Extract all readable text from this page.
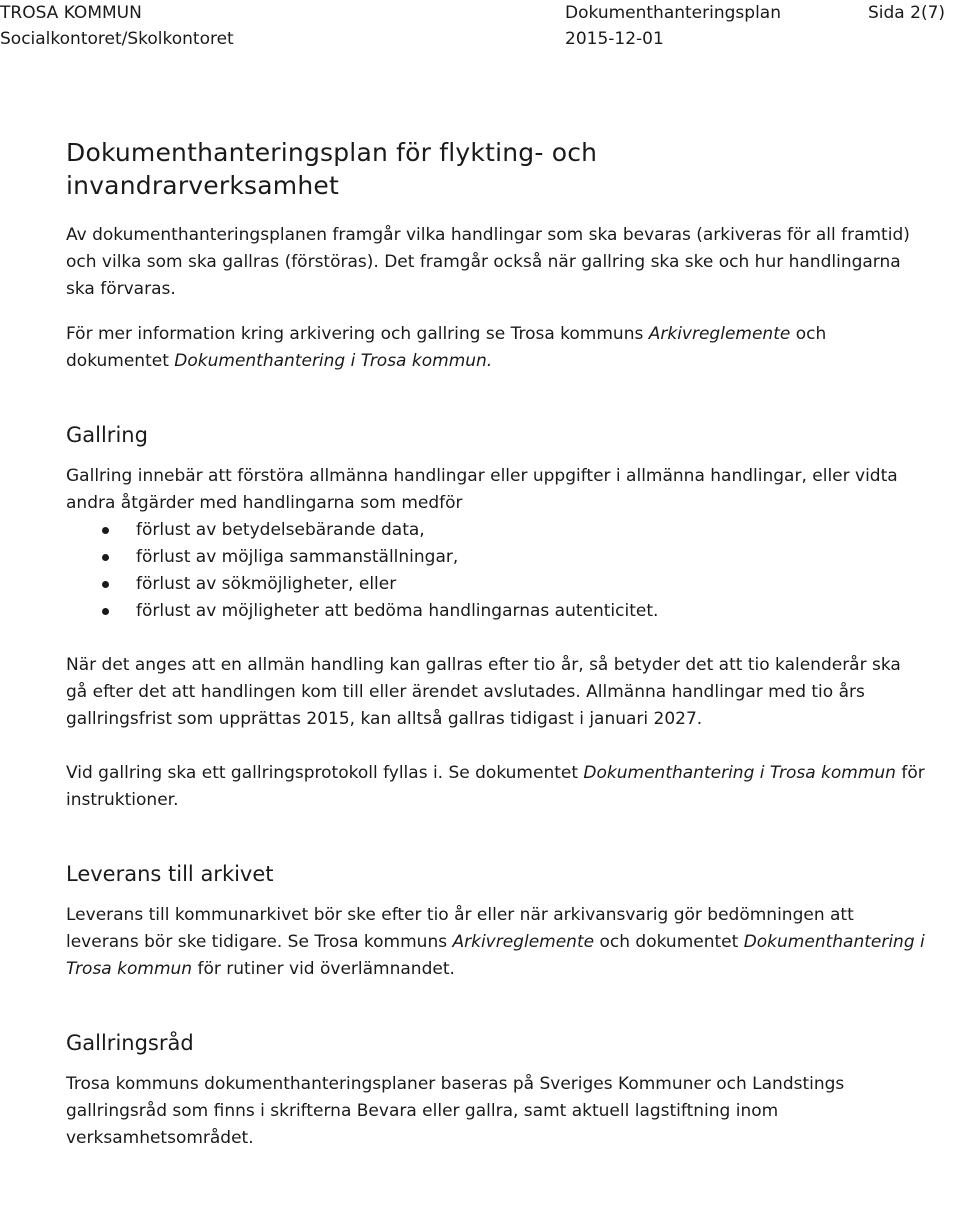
TROSA KOMMUN	Dokumenthanteringsplan	Sida 2(7)
Socialkontoret/Skolkontoret	2015-12-01
Dokumenthanteringsplan för flykting- och
invandrarverksamhet

Av dokumenthanteringsplanen framgår vilka handlingar som ska bevaras (arkiveras för all framtid) och vilka som ska gallras (förstöras). Det framgår också när gallring ska ske och hur handlingarna ska förvaras.

För mer information kring arkivering och gallring se Trosa kommuns Arkivreglemente och dokumentet Dokumenthantering i Trosa kommun.

Gallring

Gallring innebär att förstöra allmänna handlingar eller uppgifter i allmänna handlingar, eller vidta andra åtgärder med handlingarna som medför

förlust av betydelsebärande data,
förlust av möjliga sammanställningar,
förlust av sökmöjligheter, eller
förlust av möjligheter att bedöma handlingarnas autenticitet.

När det anges att en allmän handling kan gallras efter tio år, så betyder det att tio kalenderår ska gå efter det att handlingen kom till eller ärendet avslutades. Allmänna handlingar med tio års gallringsfrist som upprättas 2015, kan alltså gallras tidigast i januari 2027.

Vid gallring ska ett gallringsprotokoll fyllas i. Se dokumentet Dokumenthantering i Trosa kommun för instruktioner.

Leverans till arkivet

Leverans till kommunarkivet bör ske efter tio år eller när arkivansvarig gör bedömningen att leverans bör ske tidigare. Se Trosa kommuns Arkivreglemente och dokumentet Dokumenthantering i Trosa kommun för rutiner vid överlämnandet.

Gallringsråd

Trosa kommuns dokumenthanteringsplaner baseras på Sveriges Kommuner och Landstings gallringsråd som finns i skrifterna Bevara eller gallra, samt aktuell lagstiftning inom verksamhetsområdet.
